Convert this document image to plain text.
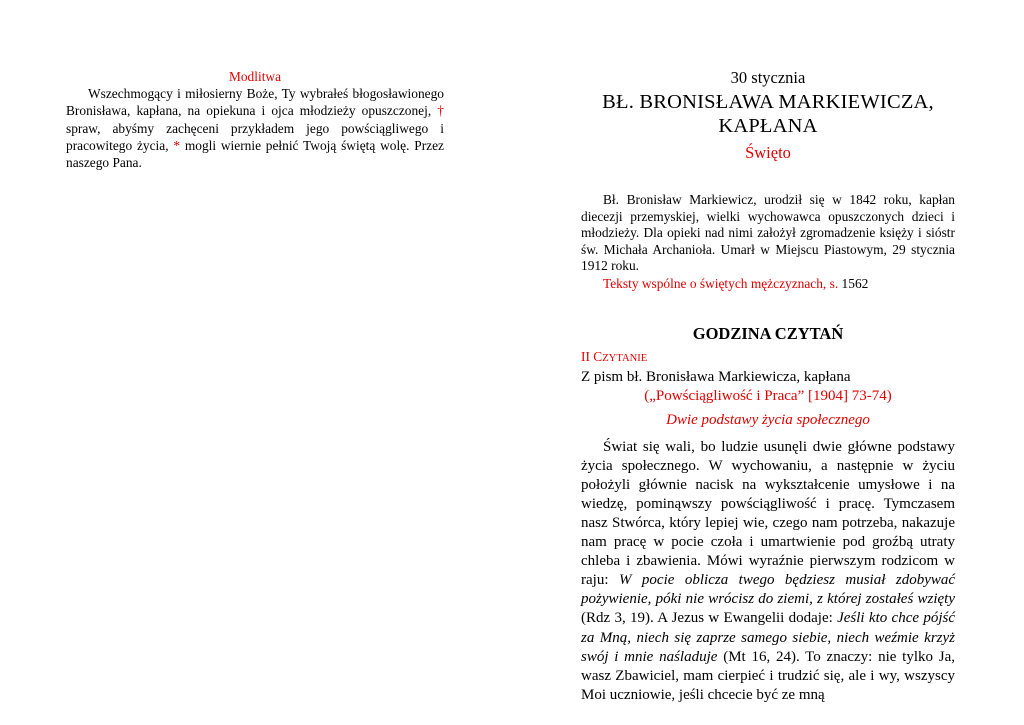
Modlitwa

Wszechmogący i miłosierny Boże, Ty wybrałeś błogosławionego Bronisława, kapłana, na opiekuna i ojca młodzieży opuszczonej, † spraw, abyśmy zachęceni przykładem jego powściągliwego i pracowitego życia, * mogli wiernie pełnić Twoją świętą wolę. Przez naszego Pana.

30 stycznia
BŁ. BRONISŁAWA MARKIEWICZA,
KAPŁANA
Święto

Bł. Bronisław Markiewicz, urodził się w 1842 roku, kapłan diecezji przemyskiej, wielki wychowawca opuszczonych dzieci i młodzieży. Dla opieki nad nimi założył zgromadzenie księży i sióstr św. Michała Archanioła. Umarł w Miejscu Piastowym, 29 stycznia 1912 roku.

Teksty wspólne o świętych mężczyznach, s. 1562
GODZINA CZYTAŃ
II CZYTANIE
Z pism bł. Bronisława Markiewicza, kapłana
(„Powściągliwość i Praca” [1904] 73-74)
Dwie podstawy życia społecznego

Świat się wali, bo ludzie usunęli dwie główne podstawy życia społecznego. W wychowaniu, a następnie w życiu położyli głównie nacisk na wykształcenie umysłowe i na wiedzę, pominąwszy powściągliwość i pracę. Tymczasem nasz Stwórca, który lepiej wie, czego nam potrzeba, nakazuje nam pracę w pocie czoła i umartwienie pod groźbą utraty chleba i zbawienia. Mówi wyraźnie pierwszym rodzicom w raju: W pocie oblicza twego będziesz musiał zdobywać pożywienie, póki nie wrócisz do ziemi, z której zostałeś wzięty (Rdz 3, 19). A Jezus w Ewangelii dodaje: Jeśli kto chce pójść za Mną, niech się zaprze samego siebie, niech weźmie krzyż swój i mnie naśladuje (Mt 16, 24). To znaczy: nie tylko Ja, wasz Zbawiciel, mam cierpieć i trudzić się, ale i wy, wszyscy Moi uczniowie, jeśli chcecie być ze mną
